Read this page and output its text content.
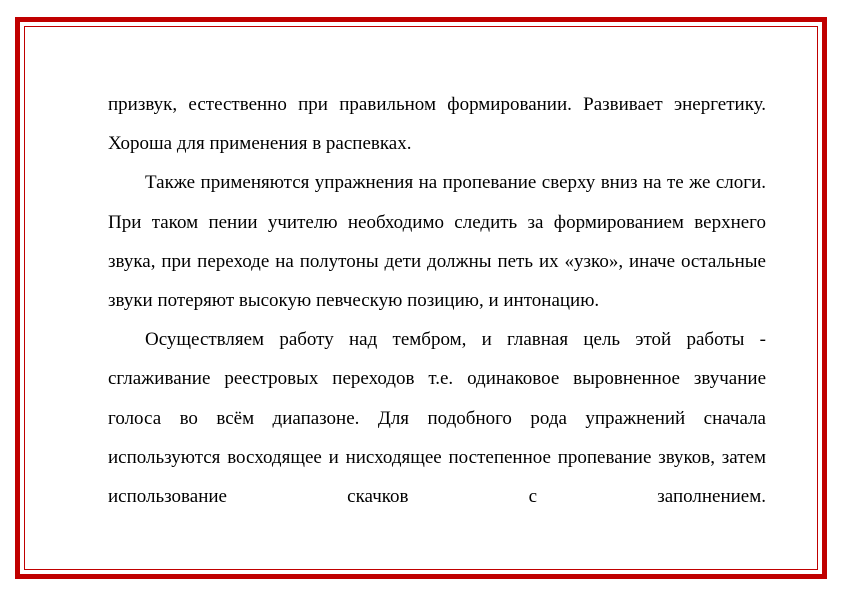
призвук, естественно при правильном формировании. Развивает энергетику. Хороша для применения в распевках.

Также применяются упражнения на пропевание сверху вниз на те же слоги. При таком пении учителю необходимо следить за формированием верхнего звука, при переходе на полутоны дети должны петь их «узко», иначе остальные звуки потеряют высокую певческую позицию, и интонацию.

Осуществляем работу над тембром, и главная цель этой работы - сглаживание реестровых переходов т.е. одинаковое выровненное звучание голоса во всём диапазоне. Для подобного рода упражнений сначала используются восходящее и нисходящее постепенное пропевание звуков, затем использование скачков с заполнением.
